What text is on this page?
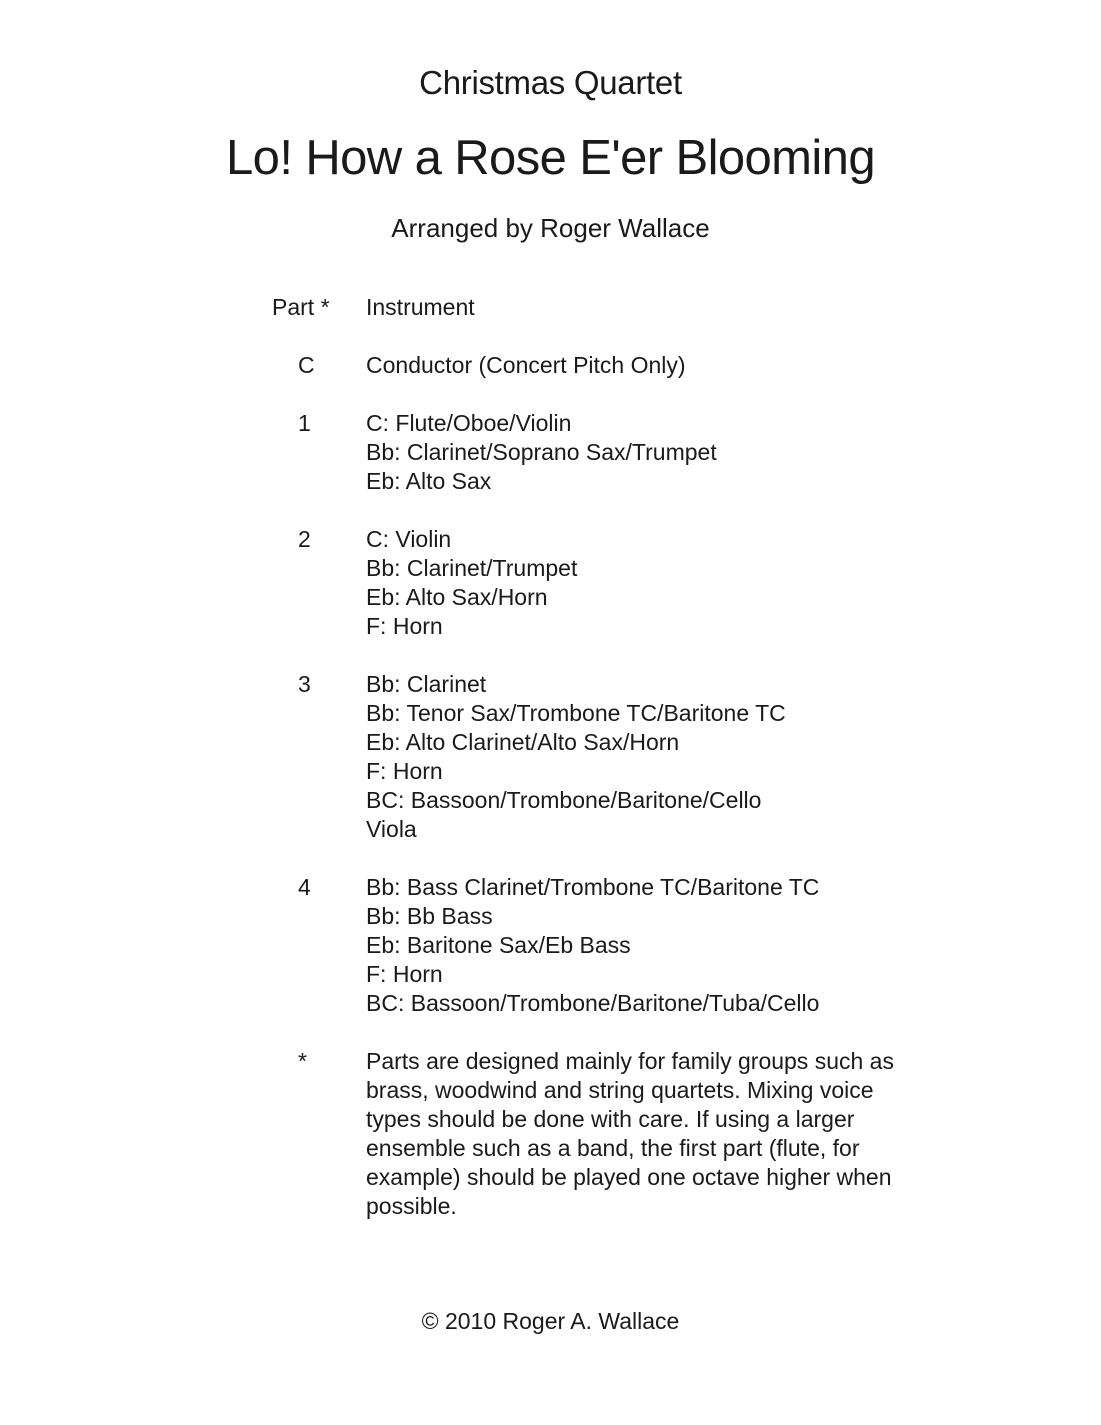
Christmas Quartet
Lo! How a Rose E'er Blooming
Arranged by Roger Wallace
Part * Instrument
C Conductor (Concert Pitch Only)
1 C: Flute/Oboe/Violin
Bb: Clarinet/Soprano Sax/Trumpet
Eb: Alto Sax
2 C: Violin
Bb: Clarinet/Trumpet
Eb: Alto Sax/Horn
F: Horn
3 Bb: Clarinet
Bb: Tenor Sax/Trombone TC/Baritone TC
Eb: Alto Clarinet/Alto Sax/Horn
F: Horn
BC: Bassoon/Trombone/Baritone/Cello
Viola
4 Bb: Bass Clarinet/Trombone TC/Baritone TC
Bb: Bb Bass
Eb: Baritone Sax/Eb Bass
F: Horn
BC: Bassoon/Trombone/Baritone/Tuba/Cello
*	Parts are designed mainly for family groups such as brass, woodwind and string quartets. Mixing voice types should be done with care. If using a larger ensemble such as a band, the first part (flute, for example) should be played one octave higher when possible.
© 2010 Roger A. Wallace
